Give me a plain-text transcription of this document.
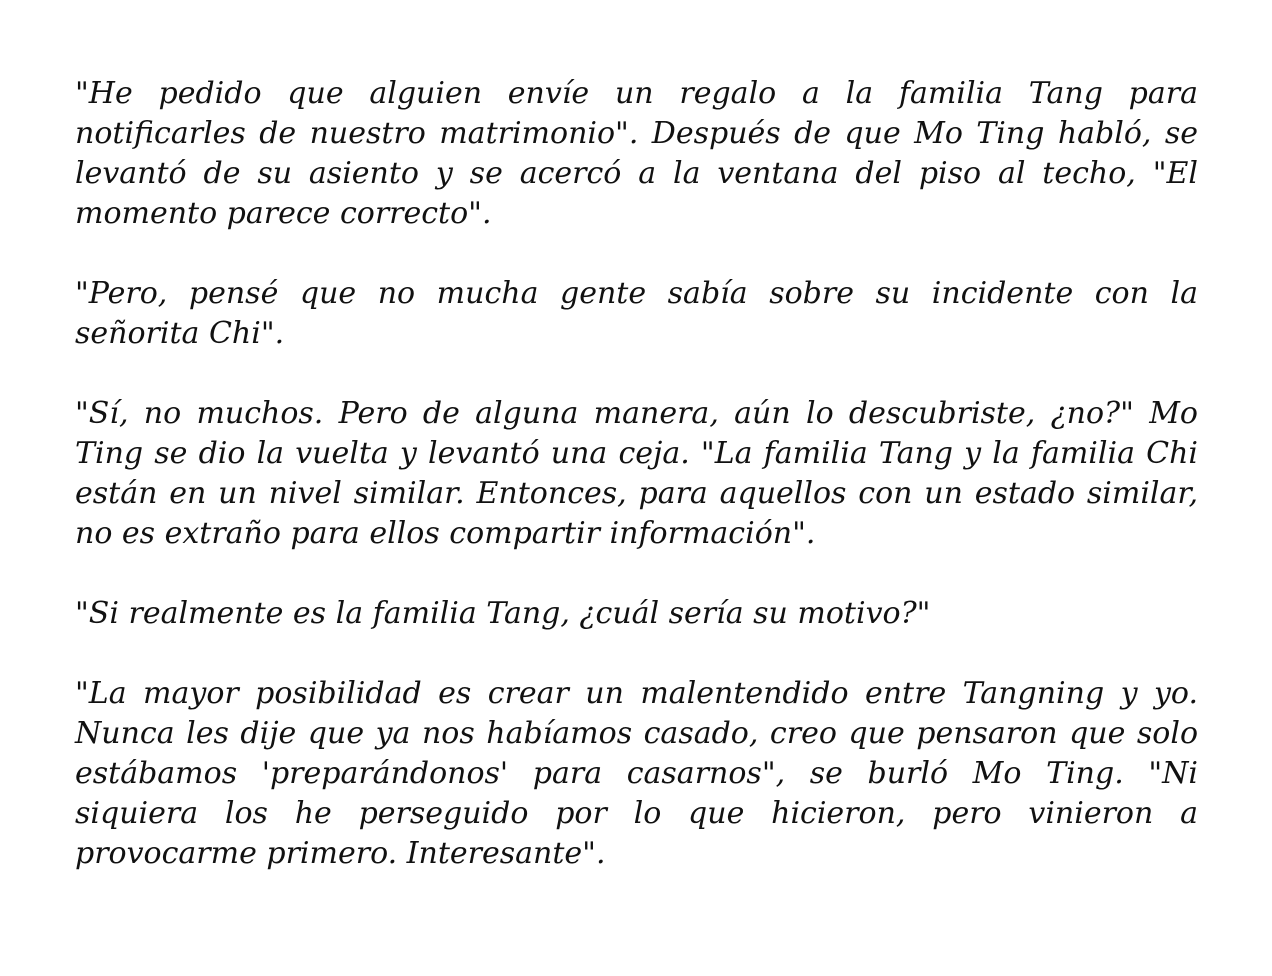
"He pedido que alguien envíe un regalo a la familia Tang para notificarles de nuestro matrimonio". Después de que Mo Ting habló, se levantó de su asiento y se acercó a la ventana del piso al techo, "El momento parece correcto".

"Pero, pensé que no mucha gente sabía sobre su incidente con la señorita Chi".

"Sí, no muchos. Pero de alguna manera, aún lo descubriste, ¿no?" Mo Ting se dio la vuelta y levantó una ceja. "La familia Tang y la familia Chi están en un nivel similar. Entonces, para aquellos con un estado similar, no es extraño para ellos compartir información".

"Si realmente es la familia Tang, ¿cuál sería su motivo?"

"La mayor posibilidad es crear un malentendido entre Tangning y yo. Nunca les dije que ya nos habíamos casado, creo que pensaron que solo estábamos 'preparándonos' para casarnos", se burló Mo Ting. "Ni siquiera los he perseguido por lo que hicieron, pero vinieron a provocarme primero. Interesante".
